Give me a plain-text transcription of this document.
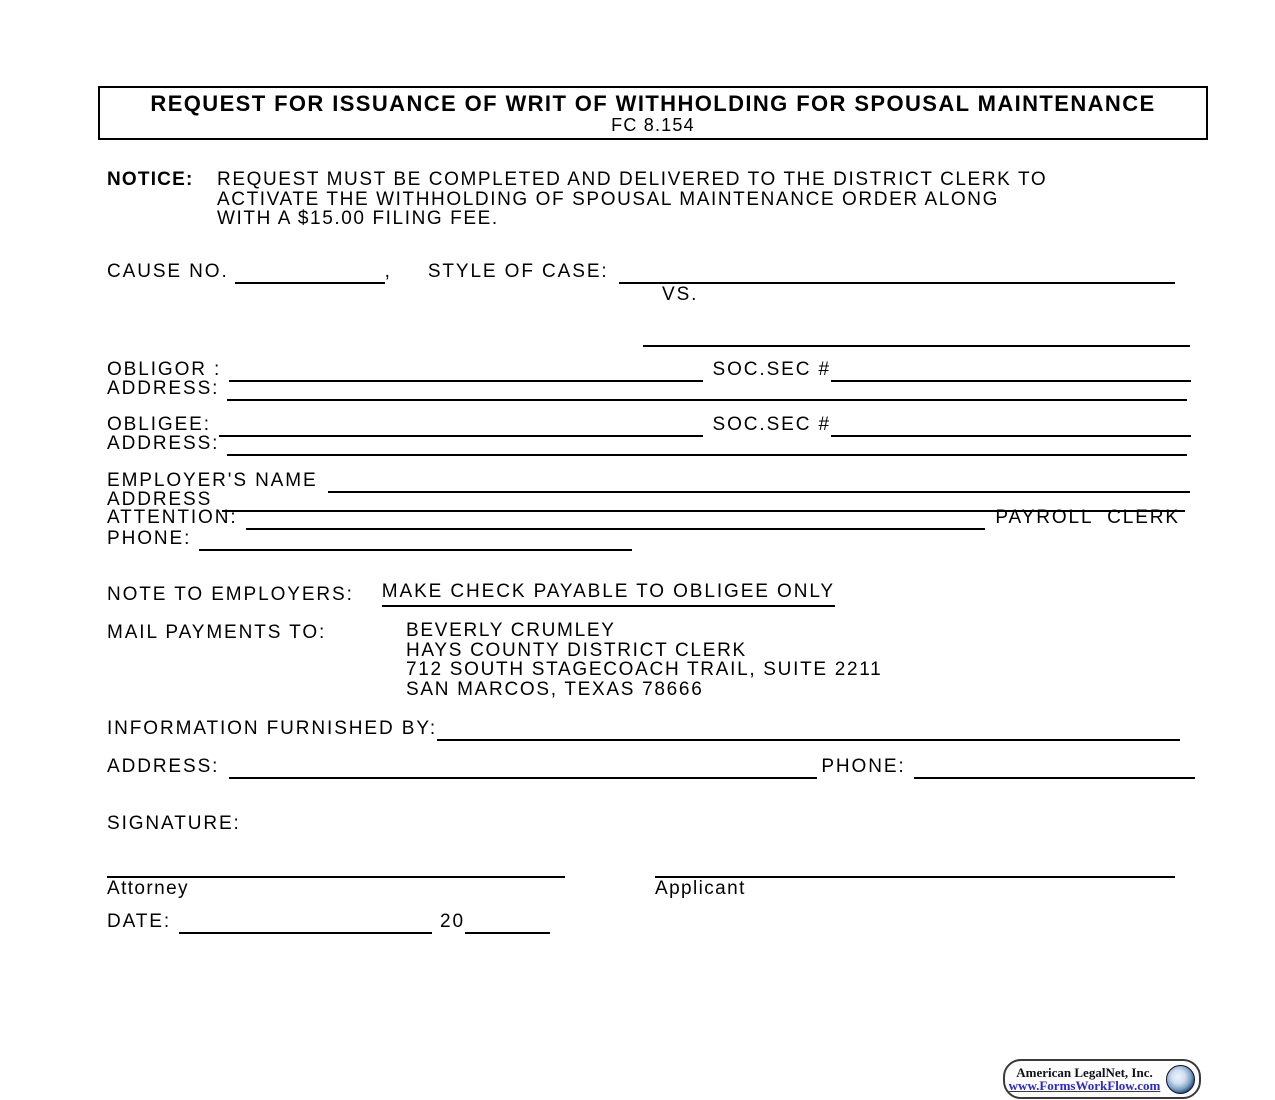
REQUEST FOR ISSUANCE OF WRIT OF WITHHOLDING FOR SPOUSAL MAINTENANCE
FC 8.154
NOTICE:	REQUEST MUST BE COMPLETED AND DELIVERED TO THE DISTRICT CLERK TO
ACTIVATE THE WITHHOLDING OF SPOUSAL MAINTENANCE ORDER ALONG
WITH A $15.00 FILING FEE.
CAUSE NO.	, STYLE OF CASE:
VS.
OBLIGOR :	SOC.SEC #
ADDRESS:
OBLIGEE:	SOC.SEC #
ADDRESS:
EMPLOYER'S NAME
ADDRESS
ATTENTION:	PAYROLL  CLERK
PHONE:
NOTE TO EMPLOYERS: MAKE CHECK PAYABLE TO OBLIGEE ONLY
MAIL PAYMENTS TO:	BEVERLY CRUMLEY
HAYS COUNTY DISTRICT CLERK
712 SOUTH STAGECOACH TRAIL, SUITE 2211
SAN MARCOS, TEXAS 78666
INFORMATION FURNISHED BY:
ADDRESS:	PHONE:
SIGNATURE:
Attorney	Applicant
DATE:	20
American LegalNet, Inc.
www.FormsWorkFlow.com
